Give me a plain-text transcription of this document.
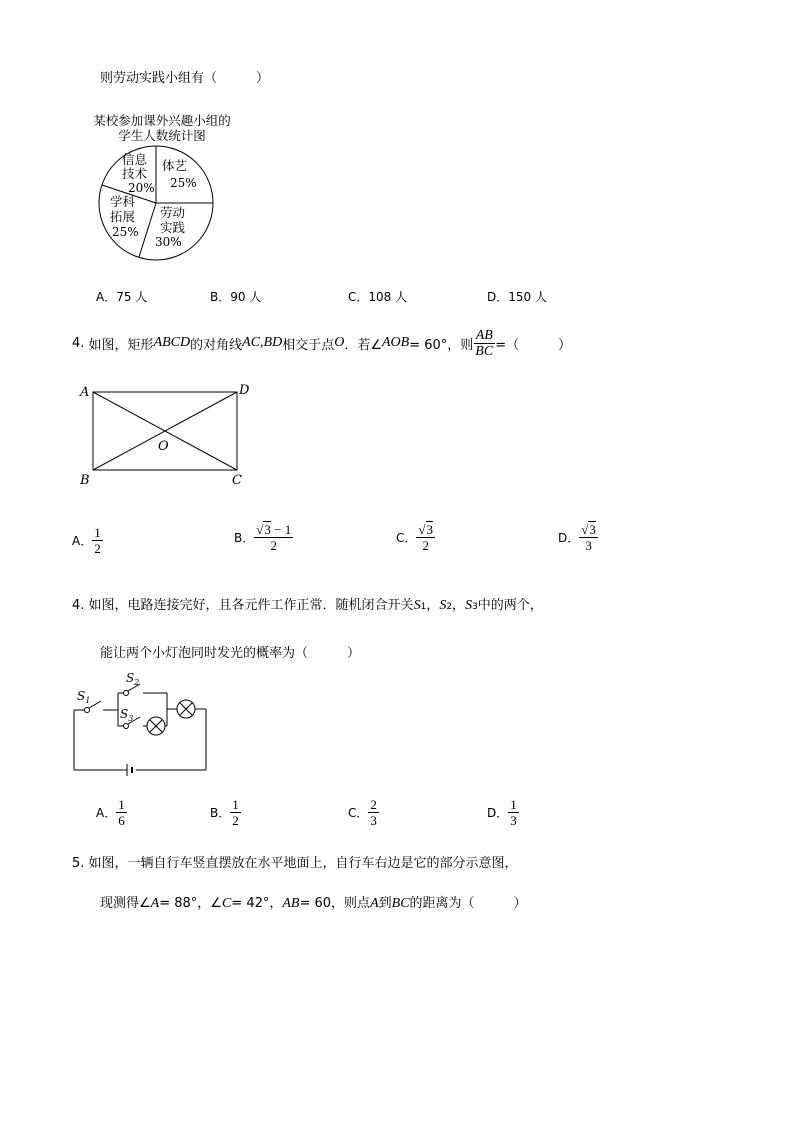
则劳动实践小组有（　　　）
某校参加课外兴趣小组的
学生人数统计图
体艺
25%
劳动
实践
30%
学科
拓展
25%
信息
技术
20%
A．75 人	B．90 人	C．108 人	D．150 人
4.
如图，矩形 ABCD 的对角线 AC,BD 相交于点 O ．若∠ AOB = 60°，则 $\frac{AB}{BC}$ =（　　　）
A	D
B	C
O
A． $\frac{1}{2}$	B． $\frac{√3 - 1}{2}$	C． $\frac{√3}{2}$	D． $\frac{√3}{3}$
4.
如图，电路连接完好，且各元件工作正常．随机闭合开关 S 1 ， S 2 ， S 3 中的两个，
能让两个小灯泡同时发光的概率为（　　　）
$S_1$
$S_2$
$S_3$
A． $\frac{1}{6}$	B． $\frac{1}{2}$	C． $\frac{2}{3}$	D． $\frac{1}{3}$
5. 如图，一辆自行车竖直摆放在水平地面上，自行车右边是它的部分示意图，
现测得∠ A = 88°，∠ C = 42°， AB = 60，则点 A 到 BC 的距离为（　　　）
